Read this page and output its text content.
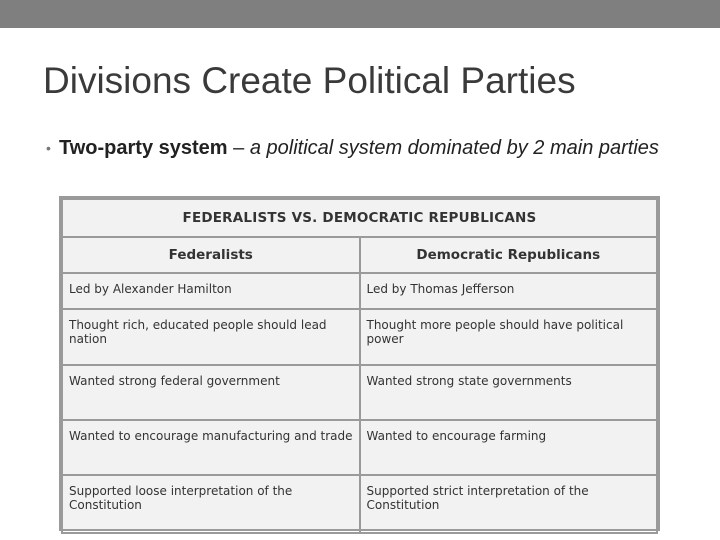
Divisions Create Political Parties
• Two-party system – a political system dominated by 2 main parties
FEDERALISTS VS. DEMOCRATIC REPUBLICANS	
Federalists	Democratic Republicans
Led by Alexander Hamilton	Led by Thomas Jefferson
Thought rich, educated people should lead nation	Thought more people should have political power
Wanted strong federal government	Wanted strong state governments
Wanted to encourage manufacturing and trade	Wanted to encourage farming
Supported loose interpretation of the Constitution	Supported strict interpretation of the Constitution
